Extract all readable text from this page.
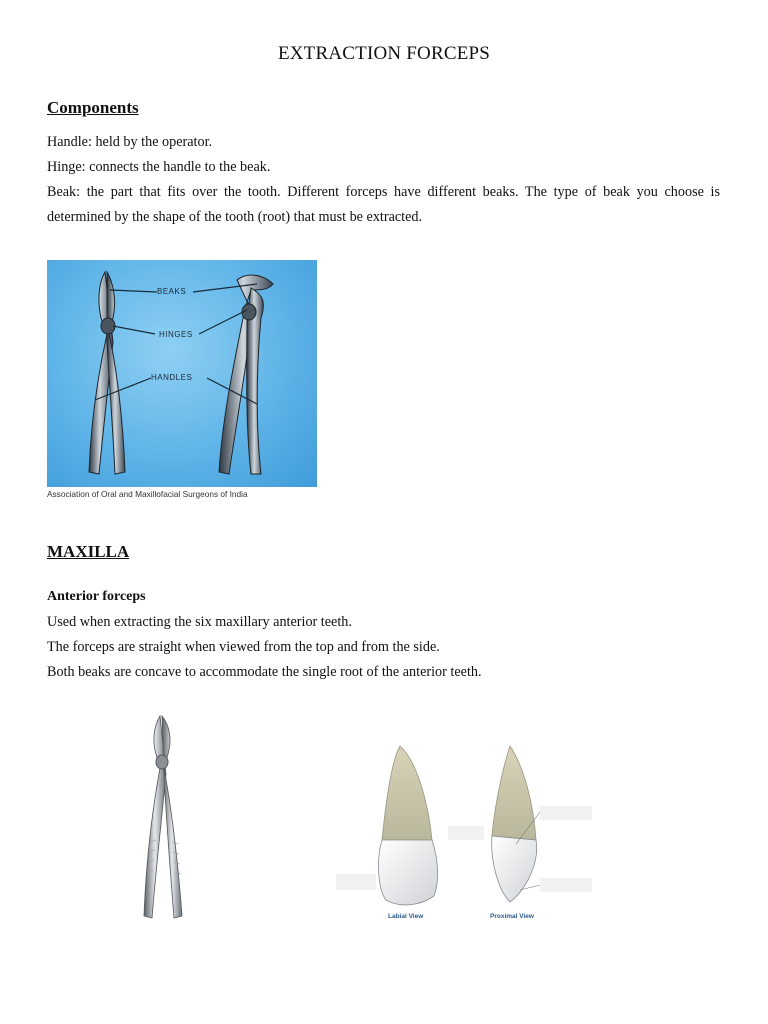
EXTRACTION FORCEPS
Components

Handle: held by the operator.

Hinge: connects the handle to the beak.

Beak: the part that fits over the tooth. Different forceps have different beaks. The type of beak you choose is determined by the shape of the tooth (root) that must be extracted.

BEAKS
HINGES
HANDLES
Association of Oral and Maxillofacial Surgeons of India
MAXILLA
Anterior forceps

Used when extracting the six maxillary anterior teeth.

The forceps are straight when viewed from the top and from the side.

Both beaks are concave to accommodate the single root of the anterior teeth.

Labial View	Proximal View
